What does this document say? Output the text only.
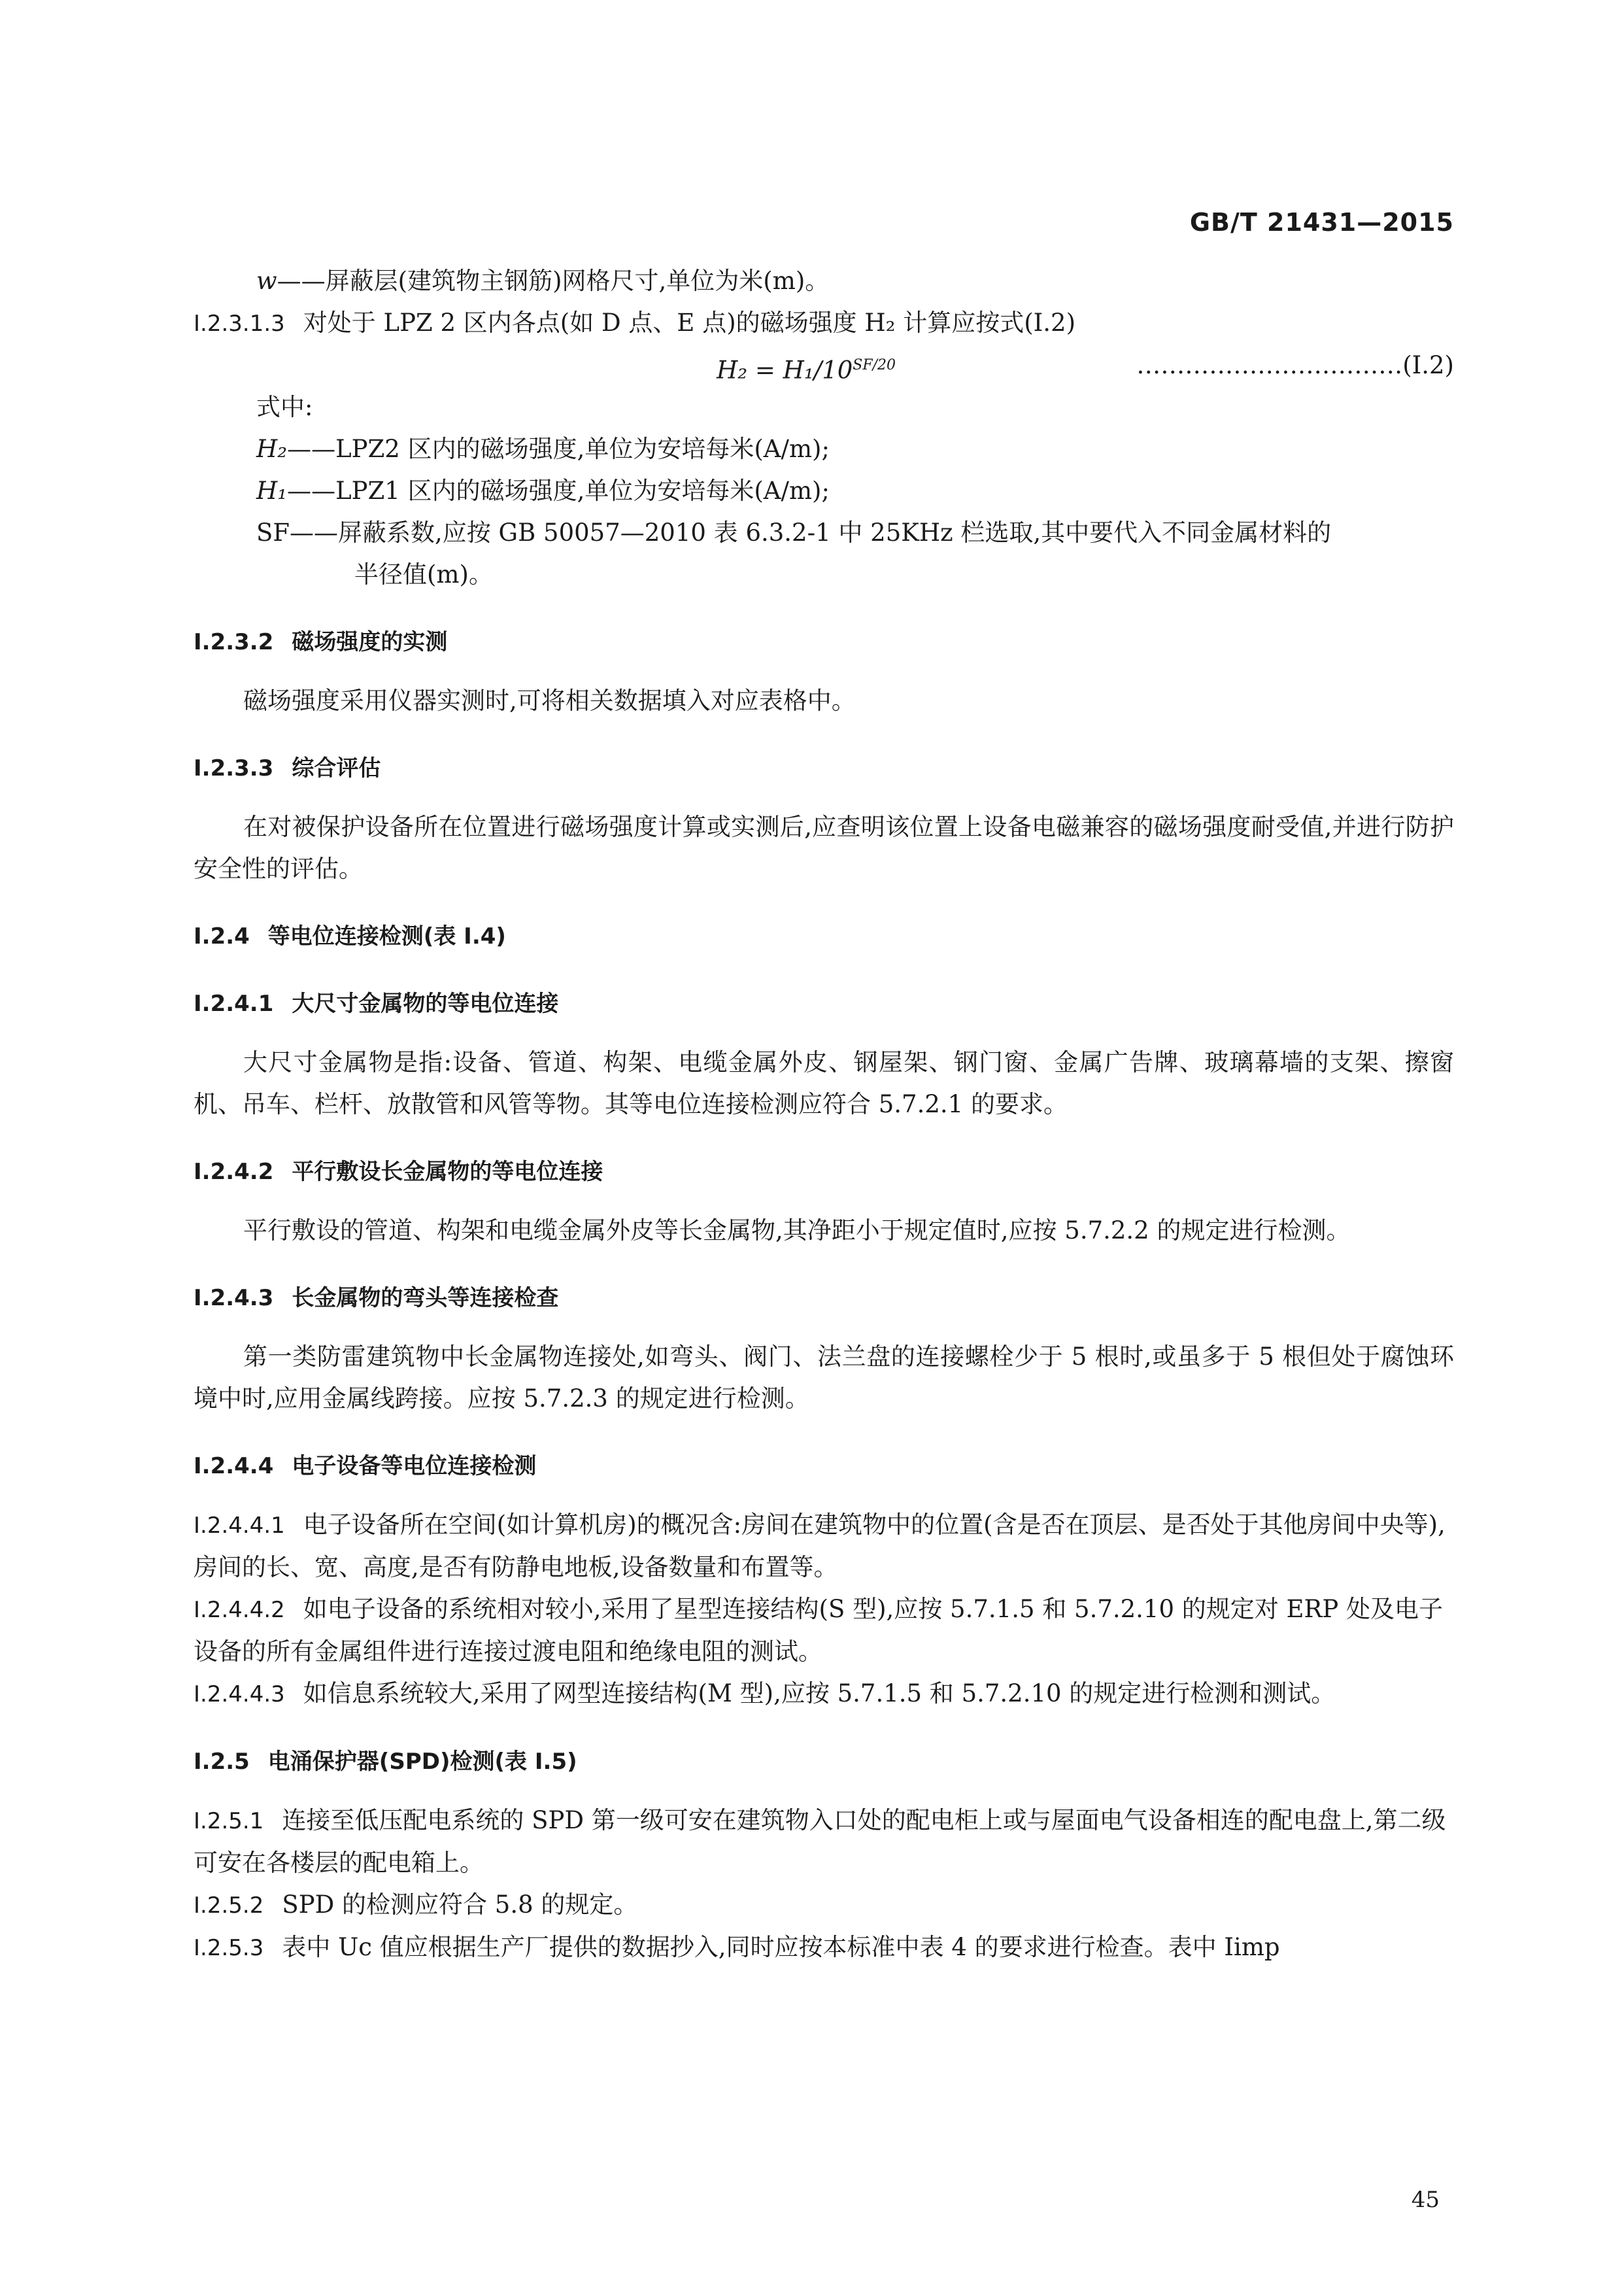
GB/T 21431—2015
w——屏蔽层(建筑物主钢筋)网格尺寸,单位为米(m)。
I.2.3.1.3 对处于 LPZ 2 区内各点(如 D 点、E 点)的磁场强度 H₂ 计算应按式(I.2)
$H_2 = H_1/10^{SF/20}$	……………………………(I.2)
式中:
H₂——LPZ2 区内的磁场强度,单位为安培每米(A/m);
H₁——LPZ1 区内的磁场强度,单位为安培每米(A/m);
SF——屏蔽系数,应按 GB 50057—2010 表 6.3.2-1 中 25KHz 栏选取,其中要代入不同金属材料的
半径值(m)。
I.2.3.2 磁场强度的实测
磁场强度采用仪器实测时,可将相关数据填入对应表格中。
I.2.3.3 综合评估
在对被保护设备所在位置进行磁场强度计算或实测后,应查明该位置上设备电磁兼容的磁场强度耐受值,并进行防护安全性的评估。
I.2.4 等电位连接检测(表 I.4)
I.2.4.1 大尺寸金属物的等电位连接
大尺寸金属物是指:设备、管道、构架、电缆金属外皮、钢屋架、钢门窗、金属广告牌、玻璃幕墙的支架、擦窗机、吊车、栏杆、放散管和风管等物。其等电位连接检测应符合 5.7.2.1 的要求。
I.2.4.2 平行敷设长金属物的等电位连接
平行敷设的管道、构架和电缆金属外皮等长金属物,其净距小于规定值时,应按 5.7.2.2 的规定进行检测。
I.2.4.3 长金属物的弯头等连接检查
第一类防雷建筑物中长金属物连接处,如弯头、阀门、法兰盘的连接螺栓少于 5 根时,或虽多于 5 根但处于腐蚀环境中时,应用金属线跨接。应按 5.7.2.3 的规定进行检测。
I.2.4.4 电子设备等电位连接检测
I.2.4.4.1 电子设备所在空间(如计算机房)的概况含:房间在建筑物中的位置(含是否在顶层、是否处于其他房间中央等),房间的长、宽、高度,是否有防静电地板,设备数量和布置等。
I.2.4.4.2 如电子设备的系统相对较小,采用了星型连接结构(S 型),应按 5.7.1.5 和 5.7.2.10 的规定对 ERP 处及电子设备的所有金属组件进行连接过渡电阻和绝缘电阻的测试。
I.2.4.4.3 如信息系统较大,采用了网型连接结构(M 型),应按 5.7.1.5 和 5.7.2.10 的规定进行检测和测试。
I.2.5 电涌保护器(SPD)检测(表 I.5)
I.2.5.1 连接至低压配电系统的 SPD 第一级可安在建筑物入口处的配电柜上或与屋面电气设备相连的配电盘上,第二级可安在各楼层的配电箱上。
I.2.5.2 SPD 的检测应符合 5.8 的规定。
I.2.5.3 表中 Uc 值应根据生产厂提供的数据抄入,同时应按本标准中表 4 的要求进行检查。表中 Iimp
45
